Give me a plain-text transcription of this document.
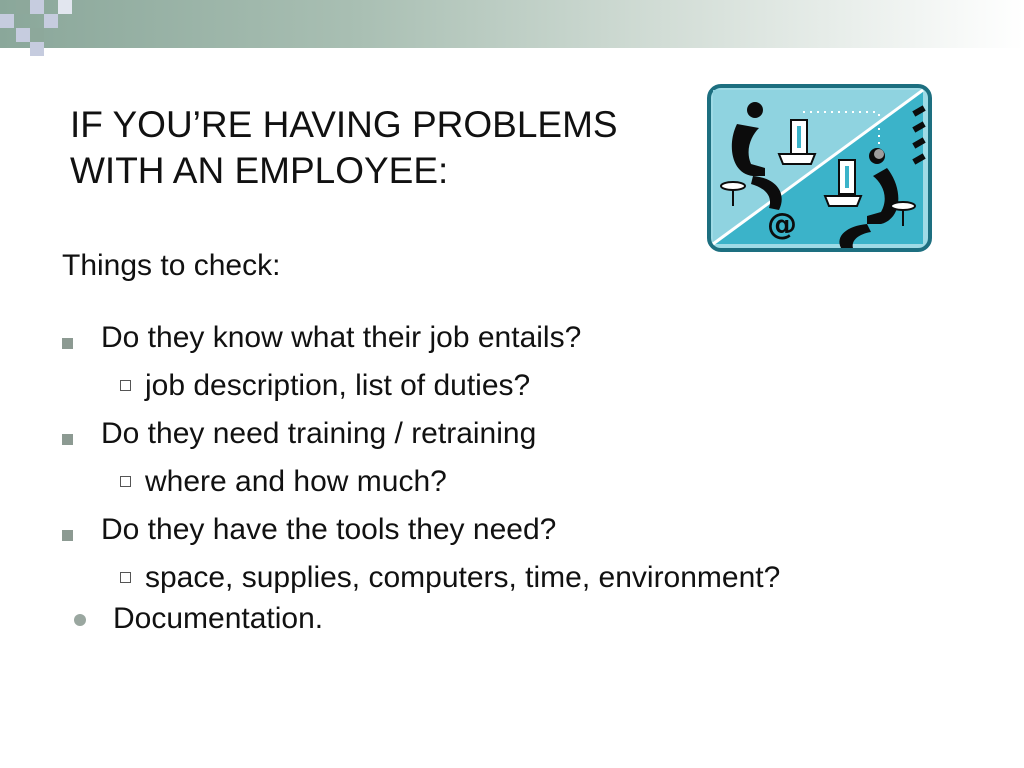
IF YOU’RE HAVING PROBLEMS
WITH AN EMPLOYEE:
@

Things to check:

Do they know what their job entails?
job description, list of duties?
Do they need training / retraining
where and how much?
Do they have the tools they need?
space, supplies, computers, time, environment?
Documentation.
